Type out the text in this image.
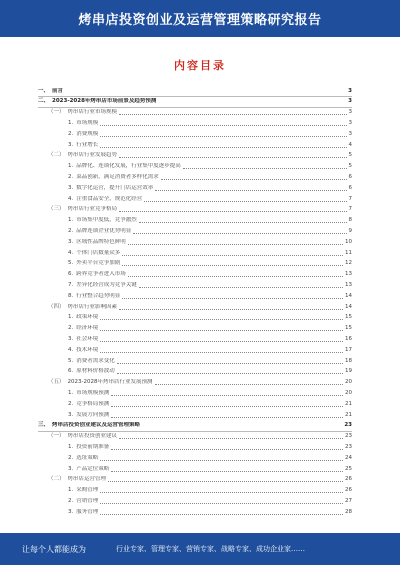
烤串店投资创业及运营管理策略研究报告
内容目录
一、 前言	3
二、 2023-2028年烤串店市场前景及趋势预测	3
（一） 烤串店行业市场规模	3
1. 市场规模	3
2. 消费规模	3
3. 行业增长	4
（二） 烤串店行业发展趋势	5
1. 品牌化、连锁化发展，行业集中度逐步提高	5
2. 菜品创新，满足消费者多样化需求	6
3. 数字化运营，提升门店运营效率	6
4. 注重食品安全，规范化经营	7
（三） 烤串店行业竞争格局	7
1. 市场集中度低，竞争激烈	8
2. 品牌连锁企业优势明显	9
3. 区域性品牌特色鲜明	10
4. 个体门店数量众多	11
5. 外卖平台竞争加剧	12
6. 跨界竞争者进入市场	13
7. 差异化经营成为竞争关键	13
8. 行业整合趋势明显	14
（四） 烤串店行业影响因素	14
1. 政策环境	15
2. 经济环境	15
3. 社会环境	16
4. 技术环境	17
5. 消费者需求变化	18
6. 原材料价格波动	19
（五） 2023-2028年烤串店行业发展预测	20
1. 市场规模预测	20
2. 竞争格局预测	21
3. 发展方向预测	21
三、 烤串店投资创业建议及运营管理策略	23
（一） 烤串店投资创业建议	23
1. 投资前期准备	23
2. 选址策略	24
3. 产品定位策略	25
（二） 烤串店运营管理	26
1. 采购管理	26
2. 营销管理	27
3. 服务管理	28
让每个人都能成为	行业专家、管理专家、营销专家、战略专家、成功企业家……
